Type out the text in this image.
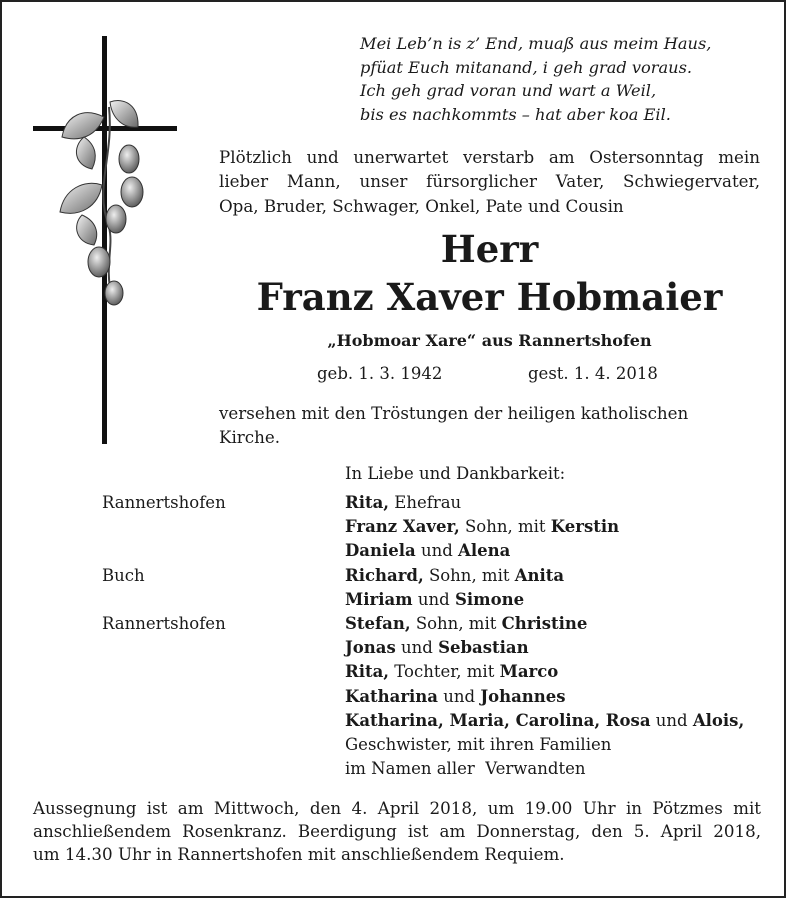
Mei Leb’n is z’ End, muaß aus meim Haus,
pfüat Euch mitanand, i geh grad voraus.
Ich geh grad voran und wart a Weil,
bis es nachkommts – hat aber koa Eil.
Plötzlich und unerwartet verstarb am Ostersonntag mein
lieber Mann, unser fürsorglicher Vater, Schwiegervater,
Opa, Bruder, Schwager, Onkel, Pate und Cousin
Herr
Franz Xaver Hobmaier
„Hobmoar Xare“ aus Rannertshofen
geb. 1. 3. 1942	gest. 1. 4. 2018
versehen mit den Tröstungen der heiligen katholischen
Kirche.
In Liebe und Dankbarkeit:
Rannertshofen	Rita, Ehefrau
Franz Xaver, Sohn, mit Kerstin
Daniela und Alena
Buch	Richard, Sohn, mit Anita
Miriam und Simone
Rannertshofen	Stefan, Sohn, mit Christine
Jonas und Sebastian
Rita, Tochter, mit Marco
Katharina und Johannes
Katharina, Maria, Carolina, Rosa und Alois,
Geschwister, mit ihren Familien
im Namen aller  Verwandten
Aussegnung ist am Mittwoch, den 4. April 2018, um 19.00 Uhr in Pötzmes mit
anschließendem Rosenkranz. Beerdigung ist am Donnerstag, den 5. April 2018,
um 14.30 Uhr in Rannertshofen mit anschließendem Requiem.
